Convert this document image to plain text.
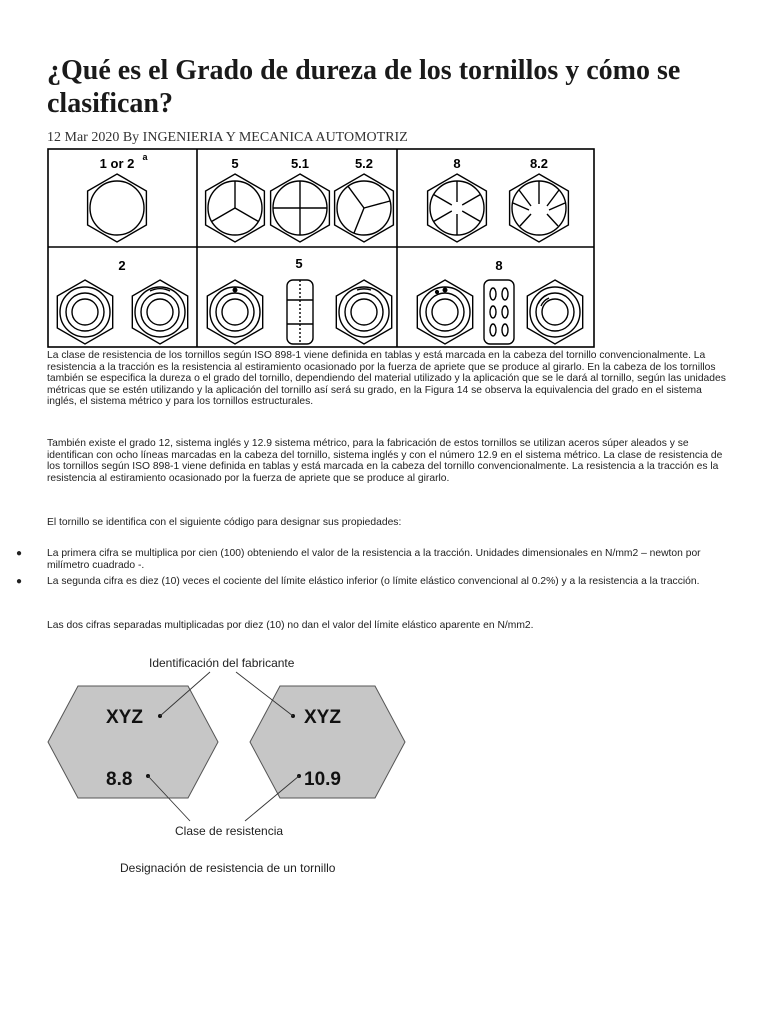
¿Qué es el Grado de dureza de los tornillos y cómo se clasifican?
12 Mar 2020 By INGENIERIA Y MECANICA AUTOMOTRIZ
1 or 2 a	5	5.1	5.2	8	8.2
2	5	8

La clase de resistencia de los tornillos según ISO 898-1 viene definida en tablas y está marcada en la cabeza del tornillo convencionalmente. La resistencia a la tracción es la resistencia al estiramiento ocasionado por la fuerza de apriete que se produce al girarlo. En la cabeza de los tornillos también se especifica la dureza o el grado del tornillo, dependiendo del material utilizado y la aplicación que se le dará al tornillo, según las unidades métricas que se estén utilizando y la aplicación del tornillo así será su grado, en la Figura 14 se observa la equivalencia del grado en el sistema inglés, el sistema métrico y para los tornillos estructurales.

También existe el grado 12, sistema inglés y 12.9 sistema métrico, para la fabricación de estos tornillos se utilizan aceros súper aleados y se identifican con ocho líneas marcadas en la cabeza del tornillo, sistema inglés y con el número 12.9 en el sistema métrico. La clase de resistencia de los tornillos según ISO 898-1 viene definida en tablas y está marcada en la cabeza del tornillo convencionalmente. La resistencia a la tracción es la resistencia al estiramiento ocasionado por la fuerza de apriete que se produce al girarlo.

El tornillo se identifica con el siguiente código para designar sus propiedades:

●	La primera cifra se multiplica por cien (100) obteniendo el valor de la resistencia a la tracción. Unidades dimensionales en N/mm2 – newton por milímetro cuadrado -.

●	La segunda cifra es diez (10) veces el cociente del límite elástico inferior (o límite elástico convencional al 0.2%) y a la resistencia a la tracción.

Las dos cifras separadas multiplicadas por diez (10) no dan el valor del límite elástico aparente en N/mm2.

Identificación del fabricante
Clase de resistencia
Designación de resistencia de un tornillo
XYZ
8.8
XYZ
10.9
